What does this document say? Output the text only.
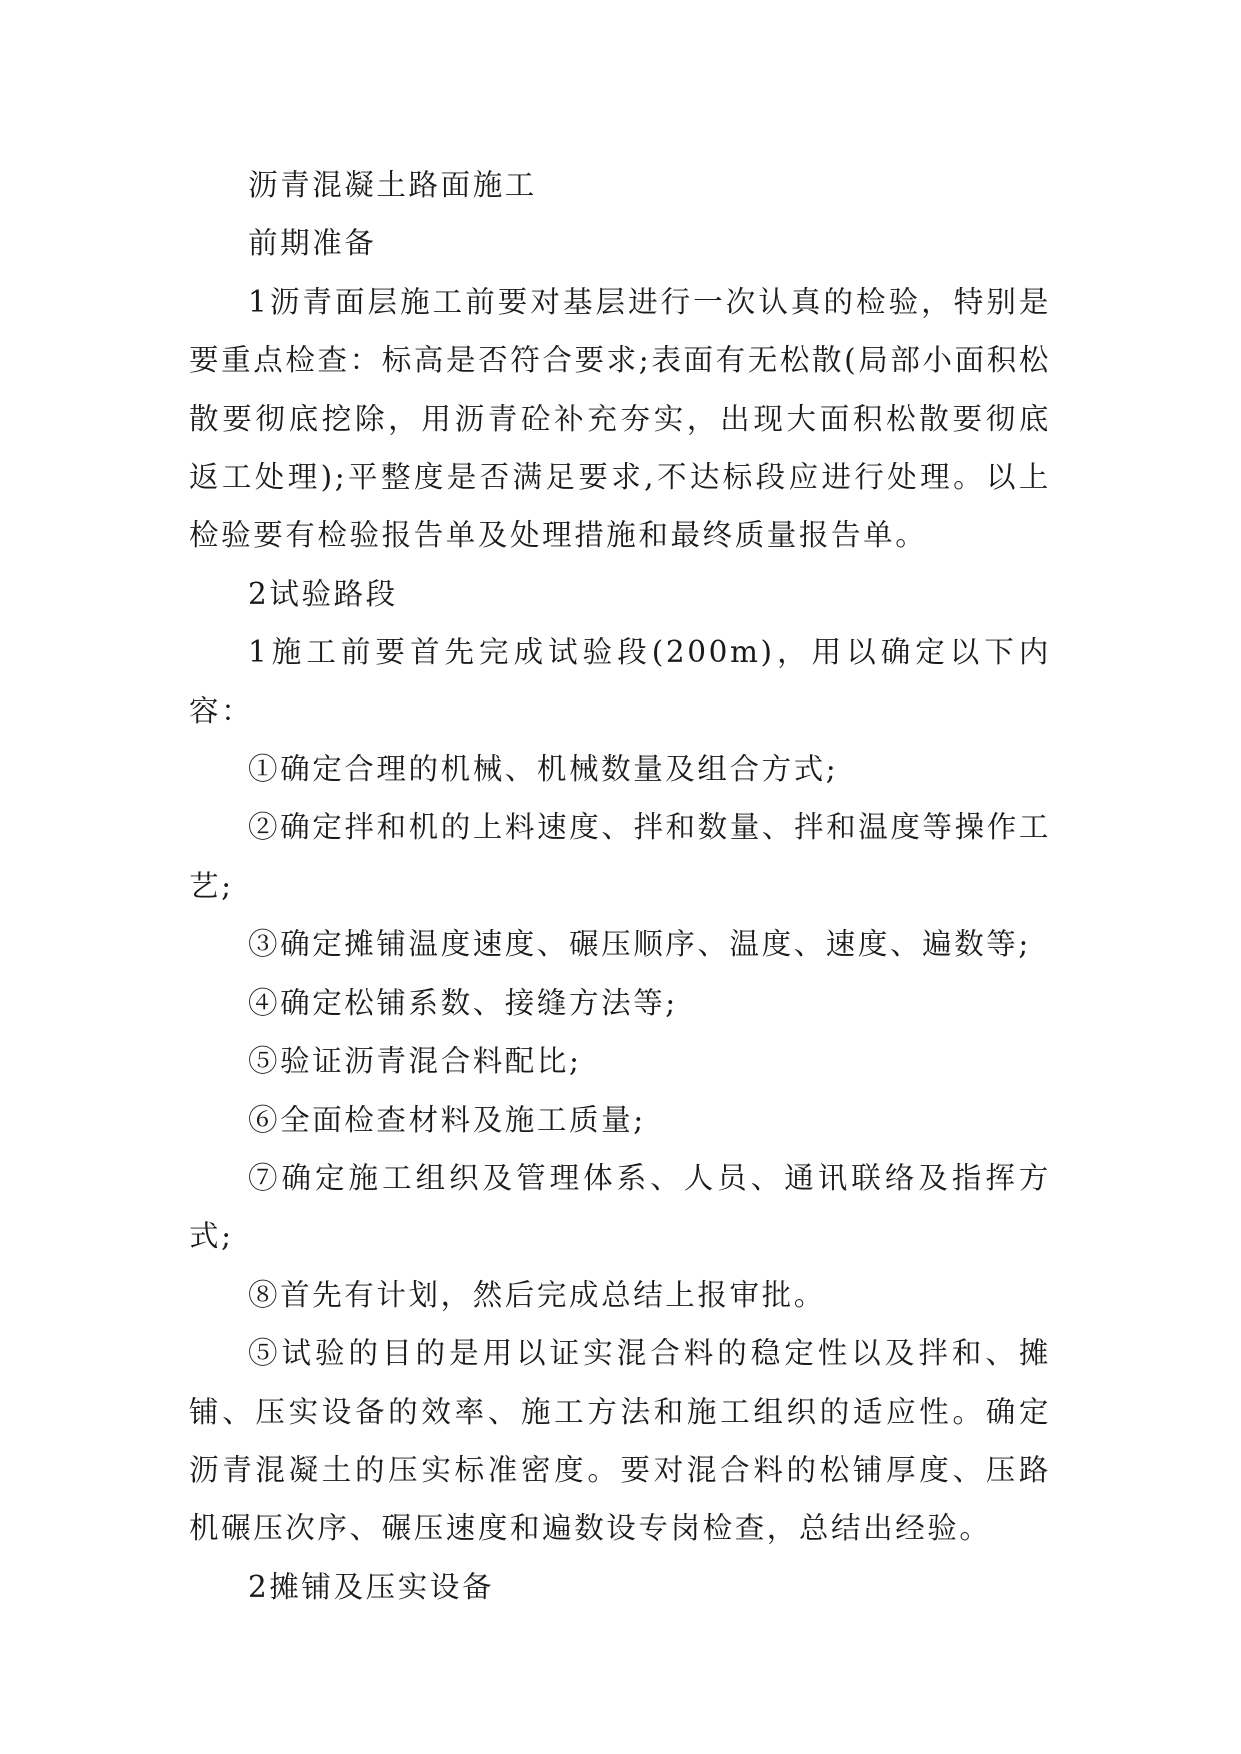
沥青混凝土路面施工

前期准备

1沥青面层施工前要对基层进行一次认真的检验，特别是要重点检查：标高是否符合要求;表面有无松散(局部小面积松散要彻底挖除，用沥青砼补充夯实，出现大面积松散要彻底返工处理);平整度是否满足要求,不达标段应进行处理。以上检验要有检验报告单及处理措施和最终质量报告单。

2试验路段

1施工前要首先完成试验段(200m)，用以确定以下内容：

①确定合理的机械、机械数量及组合方式;

②确定拌和机的上料速度、拌和数量、拌和温度等操作工艺;

③确定摊铺温度速度、碾压顺序、温度、速度、遍数等;

④确定松铺系数、接缝方法等;

⑤验证沥青混合料配比;

⑥全面检查材料及施工质量;

⑦确定施工组织及管理体系、人员、通讯联络及指挥方式;

⑧首先有计划，然后完成总结上报审批。

⑤试验的目的是用以证实混合料的稳定性以及拌和、摊铺、压实设备的效率、施工方法和施工组织的适应性。确定沥青混凝土的压实标准密度。要对混合料的松铺厚度、压路机碾压次序、碾压速度和遍数设专岗检查，总结出经验。

2摊铺及压实设备
